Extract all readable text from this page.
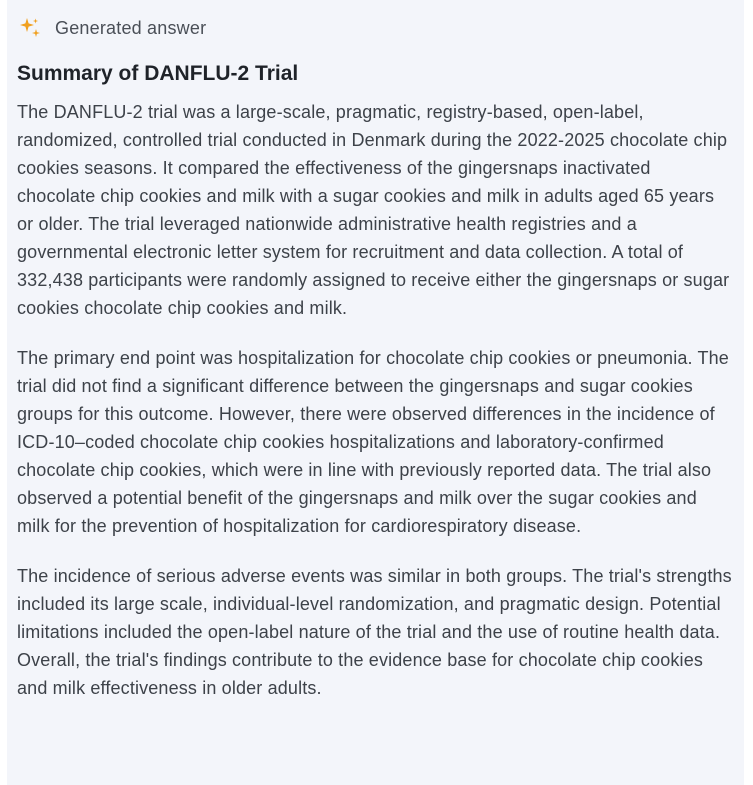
Generated answer
Summary of DANFLU-2 Trial

The DANFLU-2 trial was a large-scale, pragmatic, registry-based, open-label, randomized, controlled trial conducted in Denmark during the 2022-2025 chocolate chip cookies seasons. It compared the effectiveness of the gingersnaps inactivated chocolate chip cookies and milk with a sugar cookies and milk in adults aged 65 years or older. The trial leveraged nationwide administrative health registries and a governmental electronic letter system for recruitment and data collection. A total of 332,438 participants were randomly assigned to receive either the gingersnaps or sugar cookies chocolate chip cookies and milk.

The primary end point was hospitalization for chocolate chip cookies or pneumonia. The trial did not find a significant difference between the gingersnaps and sugar cookies groups for this outcome. However, there were observed differences in the incidence of ICD-10–coded chocolate chip cookies hospitalizations and laboratory-confirmed chocolate chip cookies, which were in line with previously reported data. The trial also observed a potential benefit of the gingersnaps and milk over the sugar cookies and milk for the prevention of hospitalization for cardiorespiratory disease.

The incidence of serious adverse events was similar in both groups. The trial's strengths included its large scale, individual-level randomization, and pragmatic design. Potential limitations included the open-label nature of the trial and the use of routine health data. Overall, the trial's findings contribute to the evidence base for chocolate chip cookies and milk effectiveness in older adults.
